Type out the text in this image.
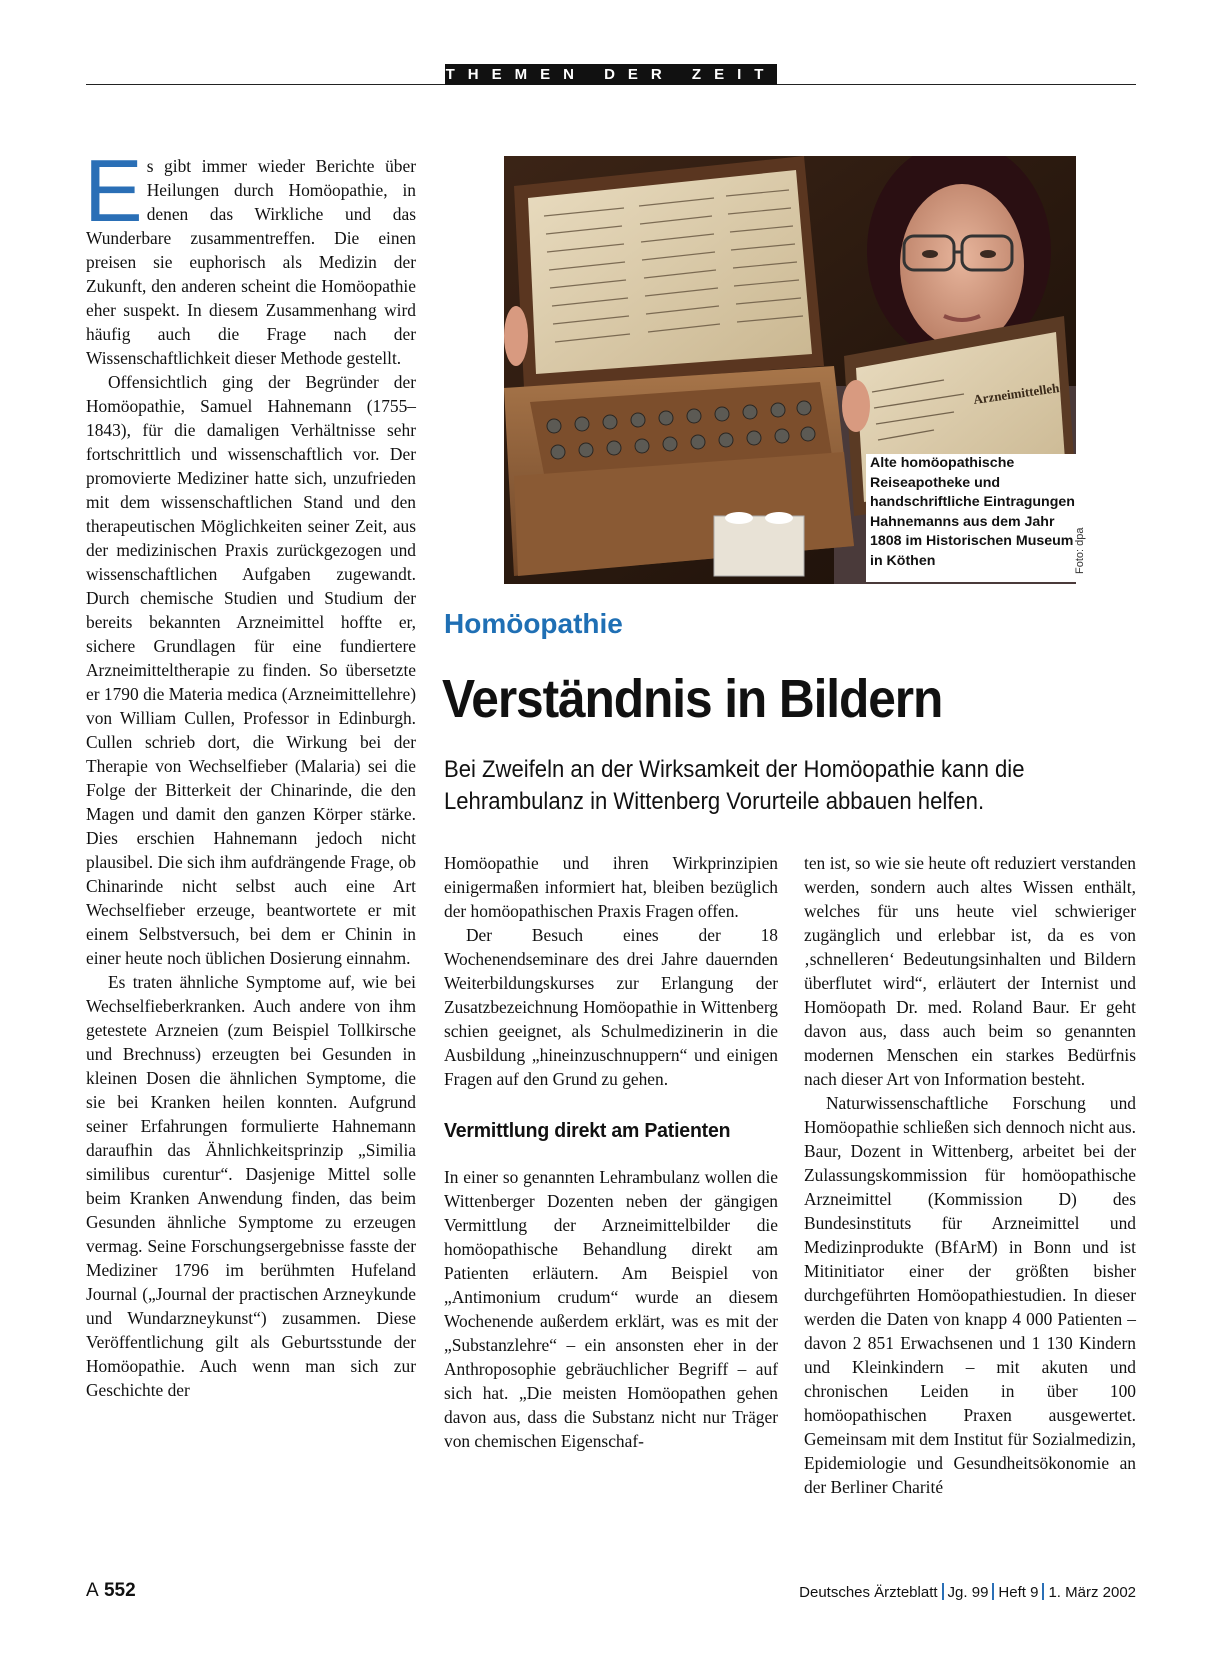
THEMEN DER ZEIT

Es gibt immer wieder Berichte über Heilungen durch Homöopathie, in denen das Wirkliche und das Wunderbare zusammentreffen. Die einen preisen sie euphorisch als Medizin der Zukunft, den anderen scheint die Homöopathie eher suspekt. In diesem Zusammenhang wird häufig auch die Frage nach der Wissenschaftlichkeit dieser Methode gestellt.

Offensichtlich ging der Begründer der Homöopathie, Samuel Hahnemann (1755–1843), für die damaligen Verhältnisse sehr fortschrittlich und wissenschaftlich vor. Der promovierte Mediziner hatte sich, unzufrieden mit dem wissenschaftlichen Stand und den therapeutischen Möglichkeiten seiner Zeit, aus der medizinischen Praxis zurückgezogen und wissenschaftlichen Aufgaben zugewandt. Durch chemische Studien und Studium der bereits bekannten Arzneimittel hoffte er, sichere Grundlagen für eine fundiertere Arzneimitteltherapie zu finden. So übersetzte er 1790 die Materia medica (Arzneimittellehre) von William Cullen, Professor in Edinburgh. Cullen schrieb dort, die Wirkung bei der Therapie von Wechselfieber (Malaria) sei die Folge der Bitterkeit der Chinarinde, die den Magen und damit den ganzen Körper stärke. Dies erschien Hahnemann jedoch nicht plausibel. Die sich ihm aufdrängende Frage, ob Chinarinde nicht selbst auch eine Art Wechselfieber erzeuge, beantwortete er mit einem Selbstversuch, bei dem er Chinin in einer heute noch üblichen Dosierung einnahm.

Es traten ähnliche Symptome auf, wie bei Wechselfieberkranken. Auch andere von ihm getestete Arzneien (zum Beispiel Tollkirsche und Brechnuss) erzeugten bei Gesunden in kleinen Dosen die ähnlichen Symptome, die sie bei Kranken heilen konnten. Aufgrund seiner Erfahrungen formulierte Hahnemann daraufhin das Ähnlichkeitsprinzip „Similia similibus curentur“. Dasjenige Mittel solle beim Kranken Anwendung finden, das beim Gesunden ähnliche Symptome zu erzeugen vermag. Seine Forschungsergebnisse fasste der Mediziner 1796 im berühmten Hufeland Journal („Journal der practischen Arzneykunde und Wundarzneykunst“) zusammen. Diese Veröffentlichung gilt als Geburtsstunde der Homöopathie. Auch wenn man sich zur Geschichte der

Arzneimittelleh
Alte homöopathische Reiseapotheke und handschriftliche Eintragungen Hahnemanns aus dem Jahr 1808 im Historischen Museum in Köthen	Foto: dpa
Homöopathie
Verständnis in Bildern
Bei Zweifeln an der Wirksamkeit der Homöopathie kann die Lehrambulanz in Wittenberg Vorurteile abbauen helfen.

Homöopathie und ihren Wirkprinzipien einigermaßen informiert hat, bleiben bezüglich der homöopathischen Praxis Fragen offen.

Der Besuch eines der 18 Wochenendseminare des drei Jahre dauernden Weiterbildungskurses zur Erlangung der Zusatzbezeichnung Homöopathie in Wittenberg schien geeignet, als Schulmedizinerin in die Ausbildung „hineinzuschnuppern“ und einigen Fragen auf den Grund zu gehen.

Vermittlung direkt am Patienten

In einer so genannten Lehrambulanz wollen die Wittenberger Dozenten neben der gängigen Vermittlung der Arzneimittelbilder die homöopathische Behandlung direkt am Patienten erläutern. Am Beispiel von „Antimonium crudum“ wurde an diesem Wochenende außerdem erklärt, was es mit der „Substanzlehre“ – ein ansonsten eher in der Anthroposophie gebräuchlicher Begriff – auf sich hat. „Die meisten Homöopathen gehen davon aus, dass die Substanz nicht nur Träger von chemischen Eigenschaf-

ten ist, so wie sie heute oft reduziert verstanden werden, sondern auch altes Wissen enthält, welches für uns heute viel schwieriger zugänglich und erlebbar ist, da es von ‚schnelleren‘ Bedeutungsinhalten und Bildern überflutet wird“, erläutert der Internist und Homöopath Dr. med. Roland Baur. Er geht davon aus, dass auch beim so genannten modernen Menschen ein starkes Bedürfnis nach dieser Art von Information besteht.

Naturwissenschaftliche Forschung und Homöopathie schließen sich dennoch nicht aus. Baur, Dozent in Wittenberg, arbeitet bei der Zulassungskommission für homöopathische Arzneimittel (Kommission D) des Bundesinstituts für Arzneimittel und Medizinprodukte (BfArM) in Bonn und ist Mitinitiator einer der größten bisher durchgeführten Homöopathiestudien. In dieser werden die Daten von knapp 4 000 Patienten – davon 2 851 Erwachsenen und 1 130 Kindern und Kleinkindern – mit akuten und chronischen Leiden in über 100 homöopathischen Praxen ausgewertet. Gemeinsam mit dem Institut für Sozialmedizin, Epidemiologie und Gesundheitsökonomie an der Berliner Charité

A 552	Deutsches Ärzteblatt Jg. 99 Heft 9 1. März 2002
